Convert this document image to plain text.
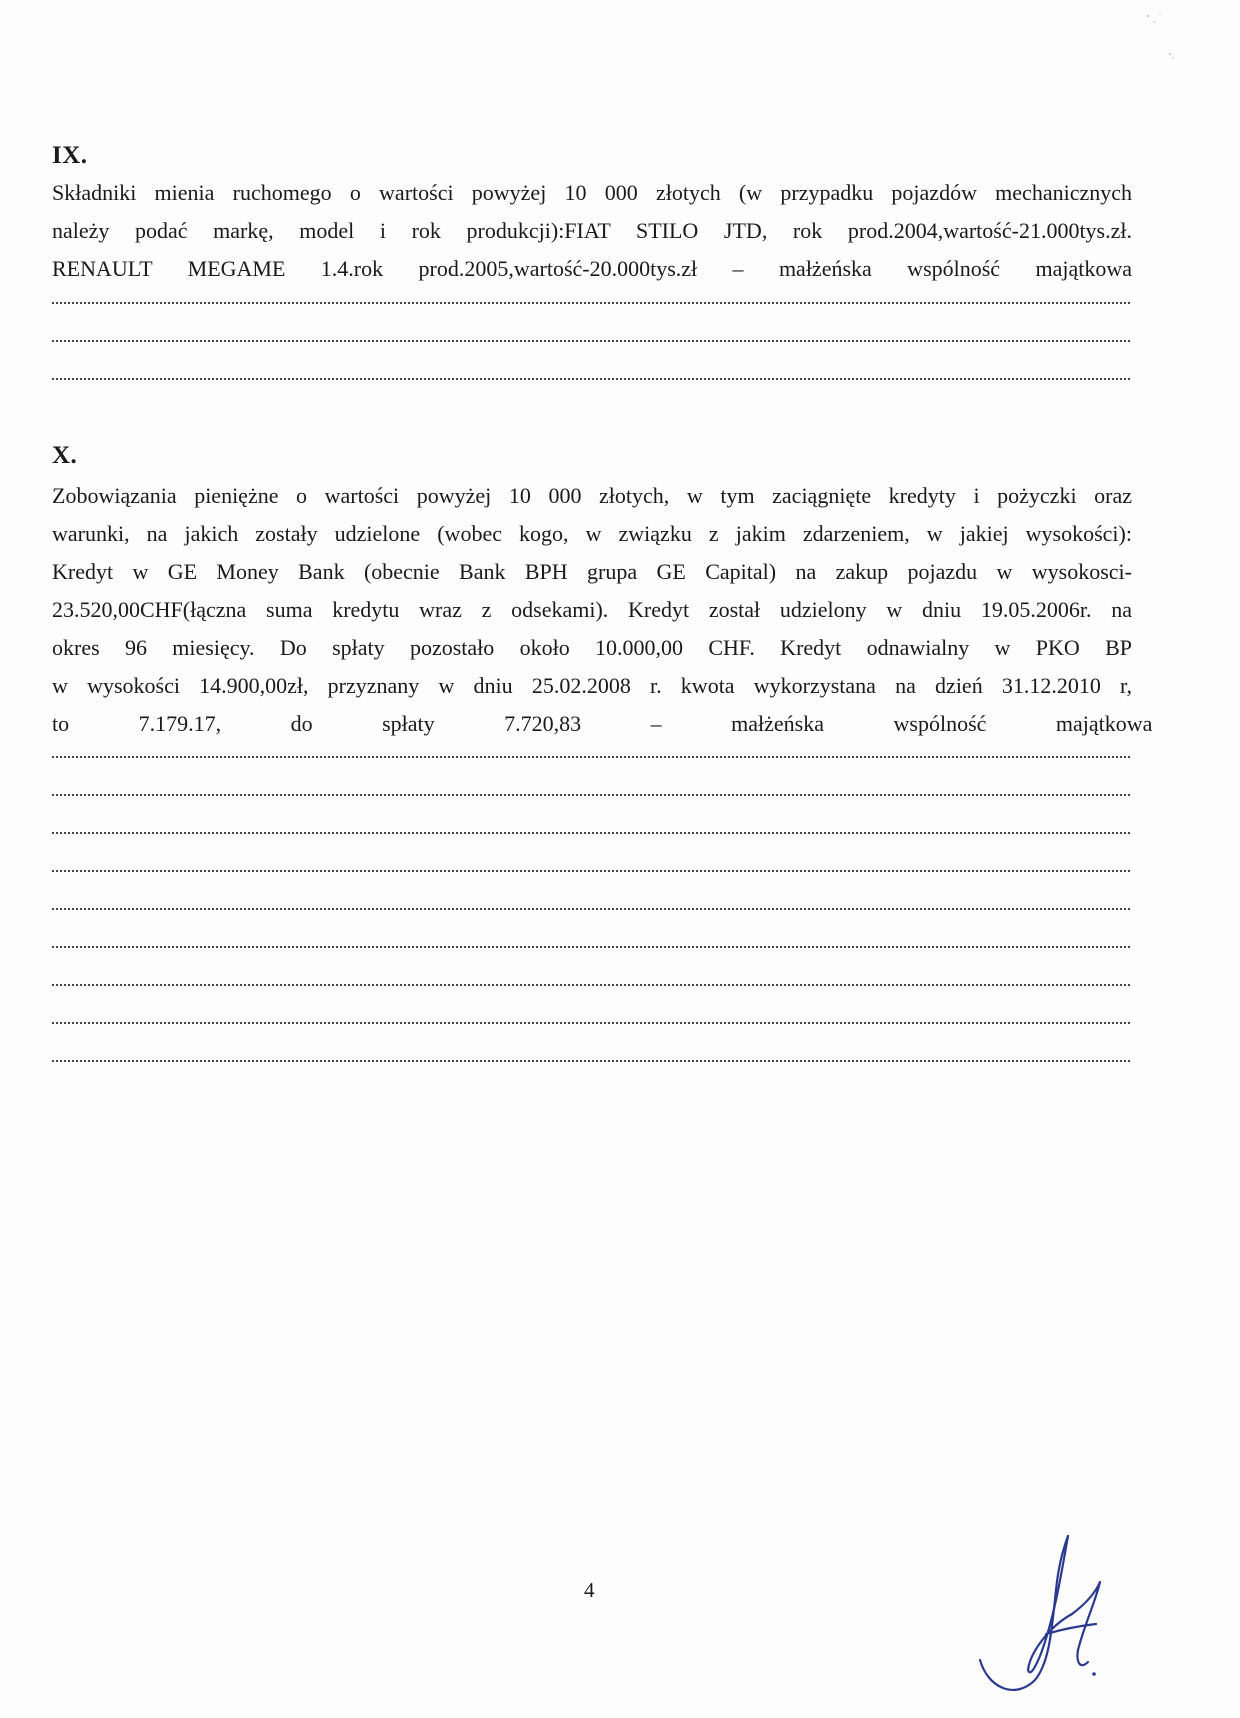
IX.
Składniki mienia ruchomego o wartości powyżej 10 000 złotych (w przypadku pojazdów mechanicznych
należy podać markę, model i rok produkcji):FIAT STILO JTD, rok prod.2004,wartość-21.000tys.zł.
RENAULT MEGAME 1.4.rok prod.2005,wartość-20.000tys.zł – małżeńska wspólność majątkowa
X.
Zobowiązania pieniężne o wartości powyżej 10 000 złotych, w tym zaciągnięte kredyty i pożyczki oraz
warunki, na jakich zostały udzielone (wobec kogo, w związku z jakim zdarzeniem, w jakiej wysokości):
Kredyt w GE Money Bank (obecnie Bank BPH grupa GE Capital) na zakup pojazdu w wysokosci-
23.520,00CHF(łączna suma kredytu wraz z odsekami). Kredyt został udzielony w dniu 19.05.2006r. na
okres 96 miesięcy. Do spłaty pozostało około 10.000,00 CHF. Kredyt odnawialny w PKO BP
w wysokości 14.900,00zł, przyznany w dniu 25.02.2008 r. kwota wykorzystana na dzień 31.12.2010 r,
to 7.179.17, do spłaty 7.720,83 – małżeńska wspólność majątkowa
4
